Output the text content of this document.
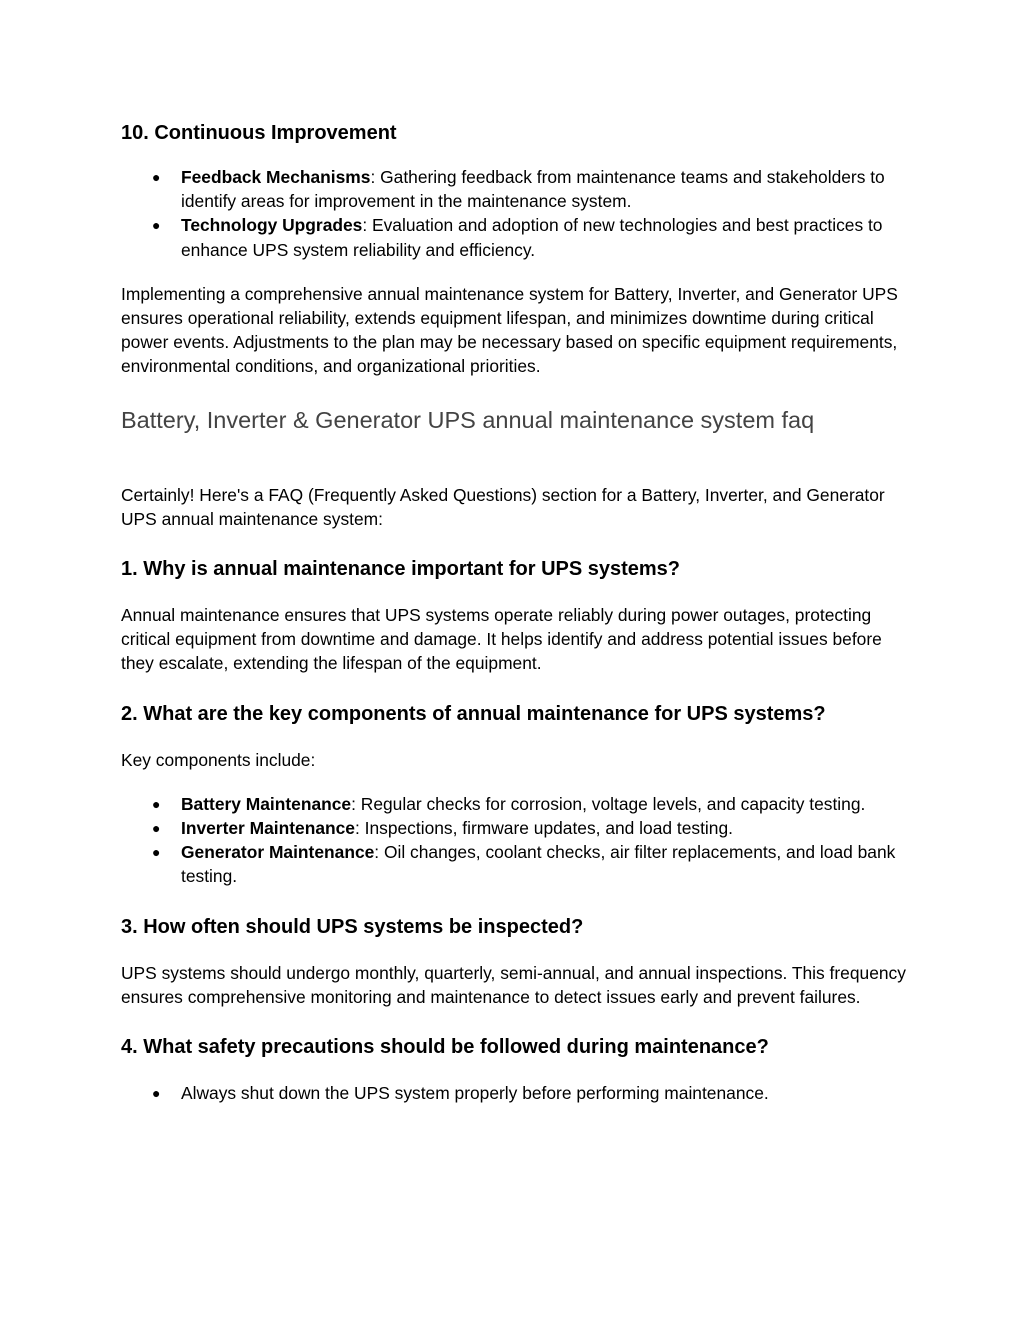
10. Continuous Improvement
● Feedback Mechanisms: Gathering feedback from maintenance teams and stakeholders to identify areas for improvement in the maintenance system.
● Technology Upgrades: Evaluation and adoption of new technologies and best practices to enhance UPS system reliability and efficiency.

Implementing a comprehensive annual maintenance system for Battery, Inverter, and Generator UPS ensures operational reliability, extends equipment lifespan, and minimizes downtime during critical power events. Adjustments to the plan may be necessary based on specific equipment requirements, environmental conditions, and organizational priorities.

Battery, Inverter & Generator UPS annual maintenance system faq

Certainly! Here's a FAQ (Frequently Asked Questions) section for a Battery, Inverter, and Generator UPS annual maintenance system:

1. Why is annual maintenance important for UPS systems?

Annual maintenance ensures that UPS systems operate reliably during power outages, protecting critical equipment from downtime and damage. It helps identify and address potential issues before they escalate, extending the lifespan of the equipment.

2. What are the key components of annual maintenance for UPS systems?

Key components include:

● Battery Maintenance: Regular checks for corrosion, voltage levels, and capacity testing.
● Inverter Maintenance: Inspections, firmware updates, and load testing.
● Generator Maintenance: Oil changes, coolant checks, air filter replacements, and load bank testing.
3. How often should UPS systems be inspected?

UPS systems should undergo monthly, quarterly, semi-annual, and annual inspections. This frequency ensures comprehensive monitoring and maintenance to detect issues early and prevent failures.

4. What safety precautions should be followed during maintenance?
● Always shut down the UPS system properly before performing maintenance.
